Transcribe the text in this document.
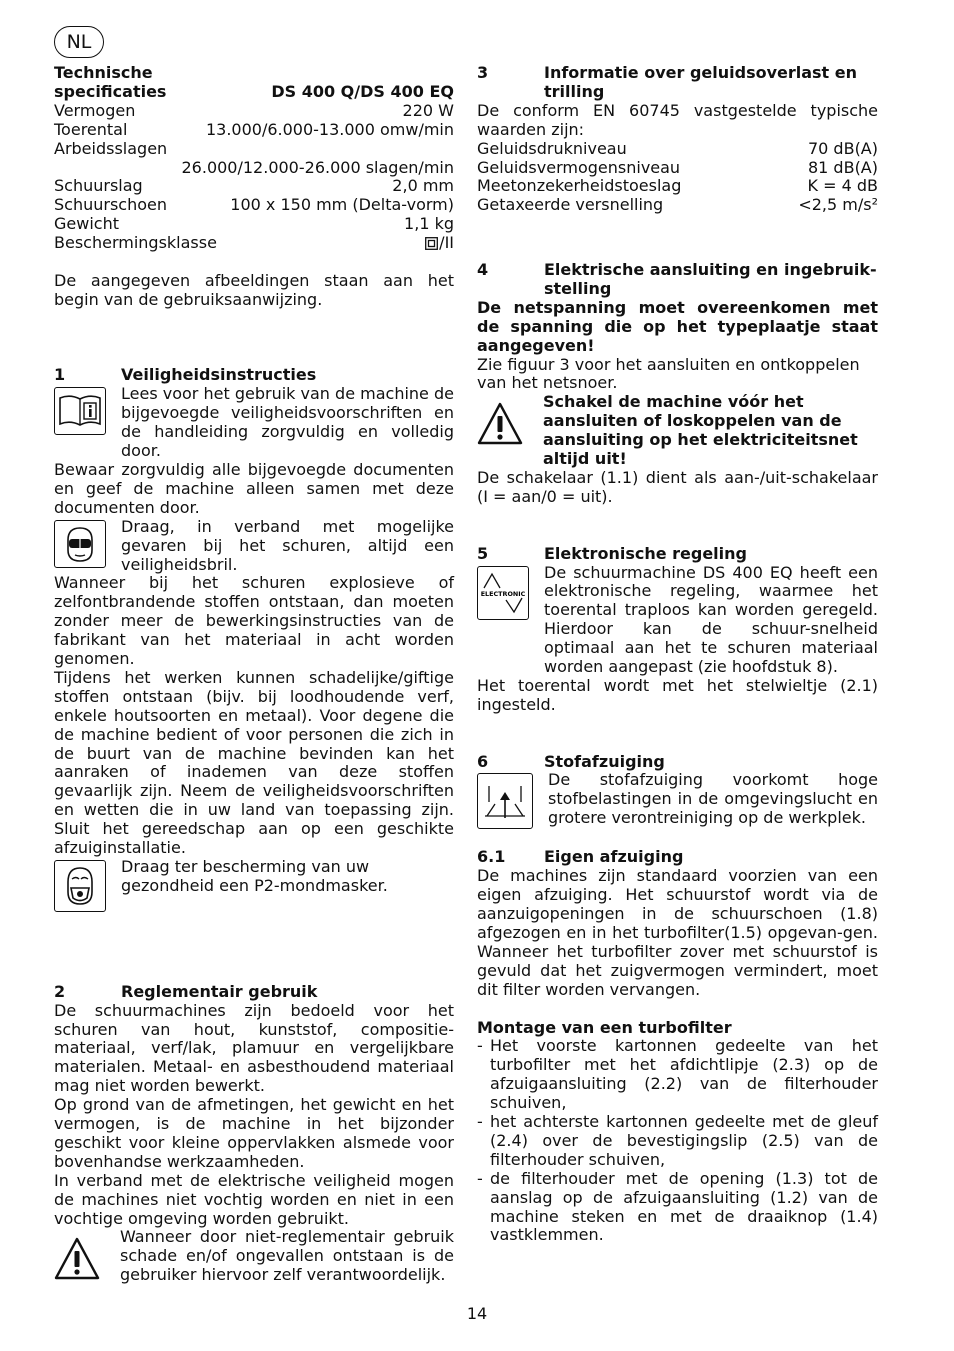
NL
Technische
specificaties	DS 400 Q/DS 400 EQ
Vermogen	220 W
Toerental	13.000/6.000-13.000 omw/min
Arbeidsslagen
26.000/12.000-26.000 slagen/min
Schuurslag	2,0 mm
Schuurschoen	100 x 150 mm (Delta-vorm)
Gewicht	1,1 kg
Beschermingsklasse	/II

De aangegeven afbeeldingen staan aan het begin van de gebruiksaanwijzing.

1	Veiligheidsinstructies

Lees voor het gebruik van de machine de bijgevoegde veiligheidsvoorschriften en de handleiding zorgvuldig en volledig door.

Bewaar zorgvuldig alle bijgevoegde documenten en geef de machine alleen samen met deze documenten door.

Draag, in verband met mogelijke gevaren bij het schuren, altijd een veiligheidsbril.

Wanneer bij het schuren explosieve of zelfontbrandende stoffen ontstaan, dan moeten zonder meer de bewerkingsinstructies van de fabrikant van het materiaal in acht worden genomen.

Tijdens het werken kunnen schadelijke/giftige stoffen ontstaan (bijv. bij loodhoudende verf, enkele houtsoorten en metaal). Voor degene die de machine bedient of voor personen die zich in de buurt van de machine bevinden kan het aanraken of inademen van deze stoffen gevaarlijk zijn. Neem de veiligheidsvoorschriften en wetten die in uw land van toepassing zijn. Sluit het gereedschap aan op een geschikte afzuiginstallatie.

Draag ter bescherming van uw gezondheid een P2-mondmasker.

2	Reglementair gebruik

De schuurmachines zijn bedoeld voor het schuren van hout, kunststof, compositie-materiaal, verf/lak, plamuur en vergelijkbare materialen. Metaal- en asbesthoudend materiaal mag niet worden bewerkt.

Op grond van de afmetingen, het gewicht en het vermogen, is de machine in het bijzonder geschikt voor kleine oppervlakken alsmede voor bovenhandse werkzaamheden.

In verband met de elektrische veiligheid mogen de machines niet vochtig worden en niet in een vochtige omgeving worden gebruikt.

Wanneer door niet-reglementair gebruik schade en/of ongevallen ontstaan is de gebruiker hiervoor zelf verantwoordelijk.

3	Informatie over geluidsoverlast en trilling

De conform EN 60745 vastgestelde typische waarden zijn:

Geluidsdrukniveau	70 dB(A)
Geluidsvermogensniveau	81 dB(A)
Meetonzekerheidstoeslag	K = 4 dB
Getaxeerde versnelling	<2,5 m/s²
4	Elektrische aansluiting en ingebruik-stelling

De netspanning moet overeenkomen met de spanning die op het typeplaatje staat aangegeven!

Zie figuur 3 voor het aansluiten en ontkoppelen van het netsnoer.

Schakel de machine vóór het aansluiten of loskoppelen van de aansluiting op het elektriciteitsnet altijd uit!

De schakelaar (1.1) dient als aan-/uit-schakelaar (I = aan/0 = uit).

5	Elektronische regeling
ELECTRONIC

De schuurmachine DS 400 EQ heeft een elektronische regeling, waarmee het toerental traploos kan worden geregeld. Hierdoor kan de schuur-snelheid optimaal aan het te schuren materiaal worden aangepast (zie hoofdstuk 8).

Het toerental wordt met het stelwieltje (2.1) ingesteld.

6	Stofafzuiging

De stofafzuiging voorkomt hoge stofbelastingen in de omgevingslucht en grotere verontreiniging op de werkplek.

6.1	Eigen afzuiging

De machines zijn standaard voorzien van een eigen afzuiging. Het schuurstof wordt via de aanzuigopeningen in de schuurschoen (1.8) afgezogen en in het turbofilter(1.5) opgevan-gen. Wanneer het turbofilter zover met schuurstof is gevuld dat het zuigvermogen vermindert, moet dit filter worden vervangen.

Montage van een turbofilter

- Het voorste kartonnen gedeelte van het turbofilter met het afdichtlipje (2.3) op de afzuigaansluiting (2.2) van de filterhouder schuiven,
- het achterste kartonnen gedeelte met de gleuf (2.4) over de bevestigingslip (2.5) van de filterhouder schuiven,
- de filterhouder met de opening (1.3) tot de aanslag op de afzuigaansluiting (1.2) van de machine steken en met de draaiknop (1.4) vastklemmen.
14
